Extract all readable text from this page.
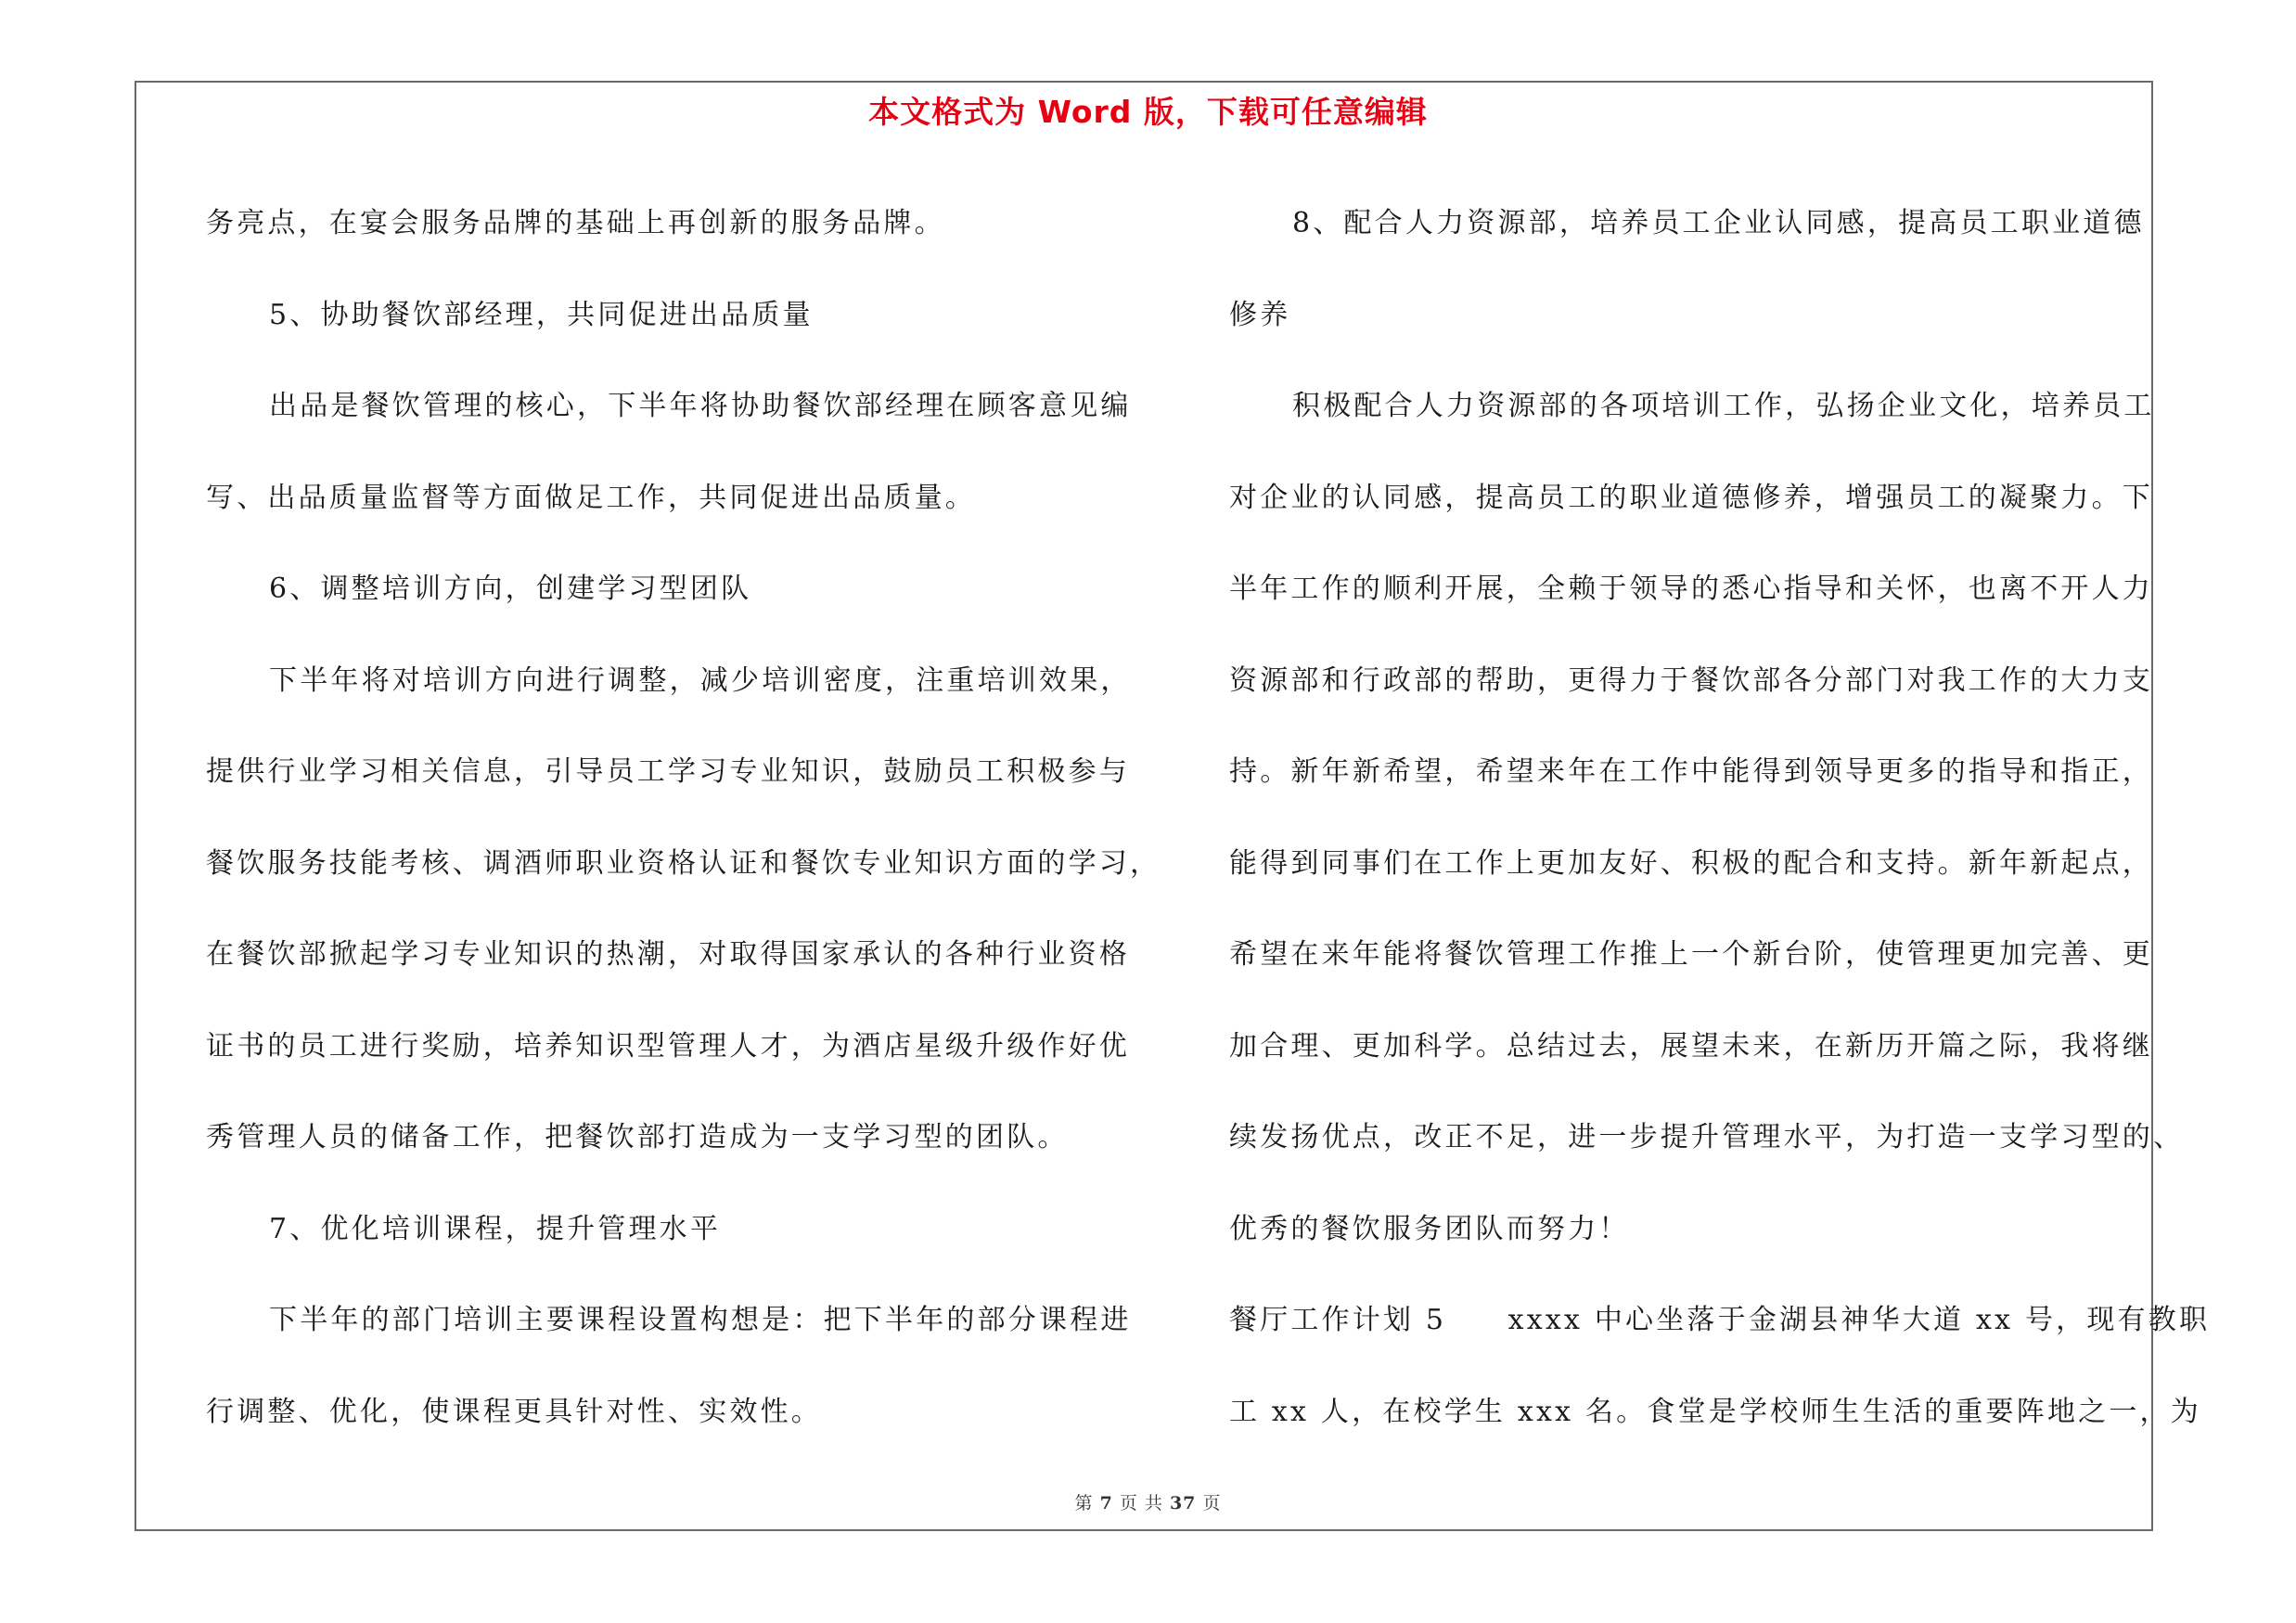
本文格式为 Word 版，下载可任意编辑
务亮点，在宴会服务品牌的基础上再创新的服务品牌。
5、协助餐饮部经理，共同促进出品质量
出品是餐饮管理的核心，下半年将协助餐饮部经理在顾客意见编
写、出品质量监督等方面做足工作，共同促进出品质量。
6、调整培训方向，创建学习型团队
下半年将对培训方向进行调整，减少培训密度，注重培训效果，
提供行业学习相关信息，引导员工学习专业知识，鼓励员工积极参与
餐饮服务技能考核、调酒师职业资格认证和餐饮专业知识方面的学习，
在餐饮部掀起学习专业知识的热潮，对取得国家承认的各种行业资格
证书的员工进行奖励，培养知识型管理人才，为酒店星级升级作好优
秀管理人员的储备工作，把餐饮部打造成为一支学习型的团队。
7、优化培训课程，提升管理水平
下半年的部门培训主要课程设置构想是：把下半年的部分课程进
行调整、优化，使课程更具针对性、实效性。
8、配合人力资源部，培养员工企业认同感，提高员工职业道德
修养
积极配合人力资源部的各项培训工作，弘扬企业文化，培养员工
对企业的认同感，提高员工的职业道德修养，增强员工的凝聚力。下
半年工作的顺利开展，全赖于领导的悉心指导和关怀，也离不开人力
资源部和行政部的帮助，更得力于餐饮部各分部门对我工作的大力支
持。新年新希望，希望来年在工作中能得到领导更多的指导和指正，
能得到同事们在工作上更加友好、积极的配合和支持。新年新起点，
希望在来年能将餐饮管理工作推上一个新台阶，使管理更加完善、更
加合理、更加科学。总结过去，展望未来，在新历开篇之际，我将继
续发扬优点，改正不足，进一步提升管理水平，为打造一支学习型的、
优秀的餐饮服务团队而努力！
餐厅工作计划 5　　xxxx 中心坐落于金湖县神华大道 xx 号，现有教职
工 xx 人，在校学生 xxx 名。食堂是学校师生生活的重要阵地之一，为
第 7 页 共 37 页
